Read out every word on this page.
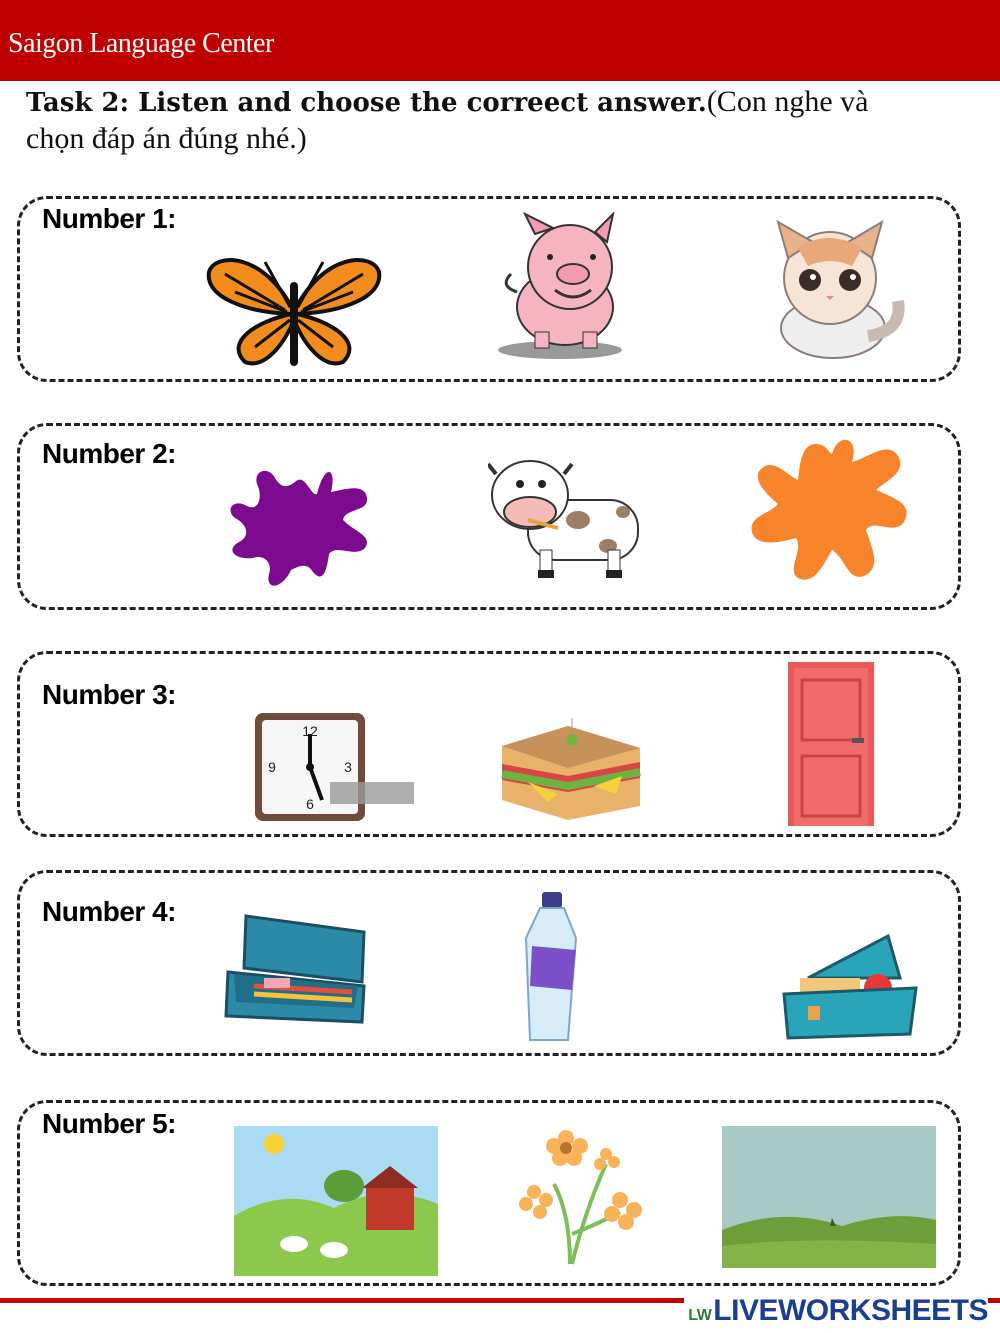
Saigon Language Center
Task 2: Listen and choose the correect answer.(Con nghe và chọn đáp án đúng nhé.)
Number 1:
Number 2:
Number 3:
12
3
6
9
Number 4:
Number 5:
LWLIVEWORKSHEETS
